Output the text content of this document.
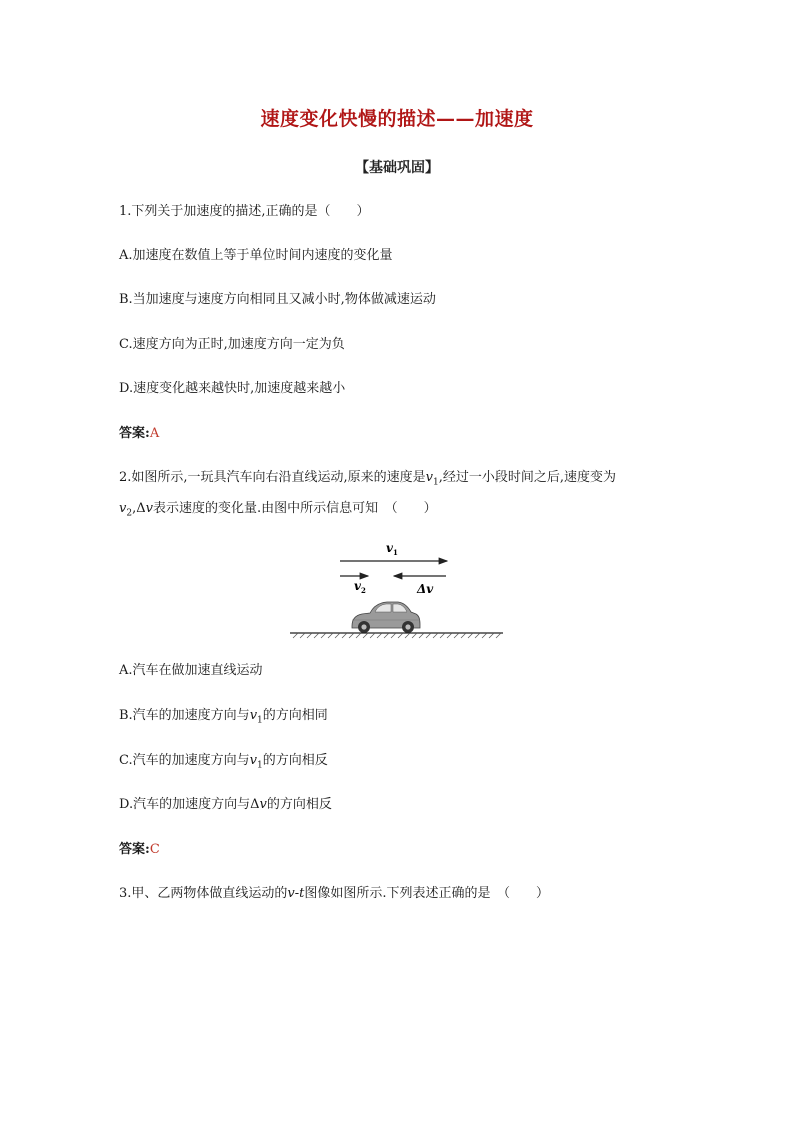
速度变化快慢的描述——加速度
【基础巩固】
1.下列关于加速度的描述,正确的是（　　）
A.加速度在数值上等于单位时间内速度的变化量
B.当加速度与速度方向相同且又减小时,物体做减速运动
C.速度方向为正时,加速度方向一定为负
D.速度变化越来越快时,加速度越来越小
答案:A
2.如图所示,一玩具汽车向右沿直线运动,原来的速度是$v_1$,经过一小段时间之后,速度变为
$v_2,\Delta v$表示速度的变化量.由图中所示信息可知　（　　）
$v_1$
$v_2$	Δv
A.汽车在做加速直线运动
B.汽车的加速度方向与$v_1$的方向相同
C.汽车的加速度方向与$v_1$的方向相反
D.汽车的加速度方向与Δv的方向相反
答案:C
3.甲、乙两物体做直线运动的v-t图像如图所示.下列表述正确的是　（　　）
